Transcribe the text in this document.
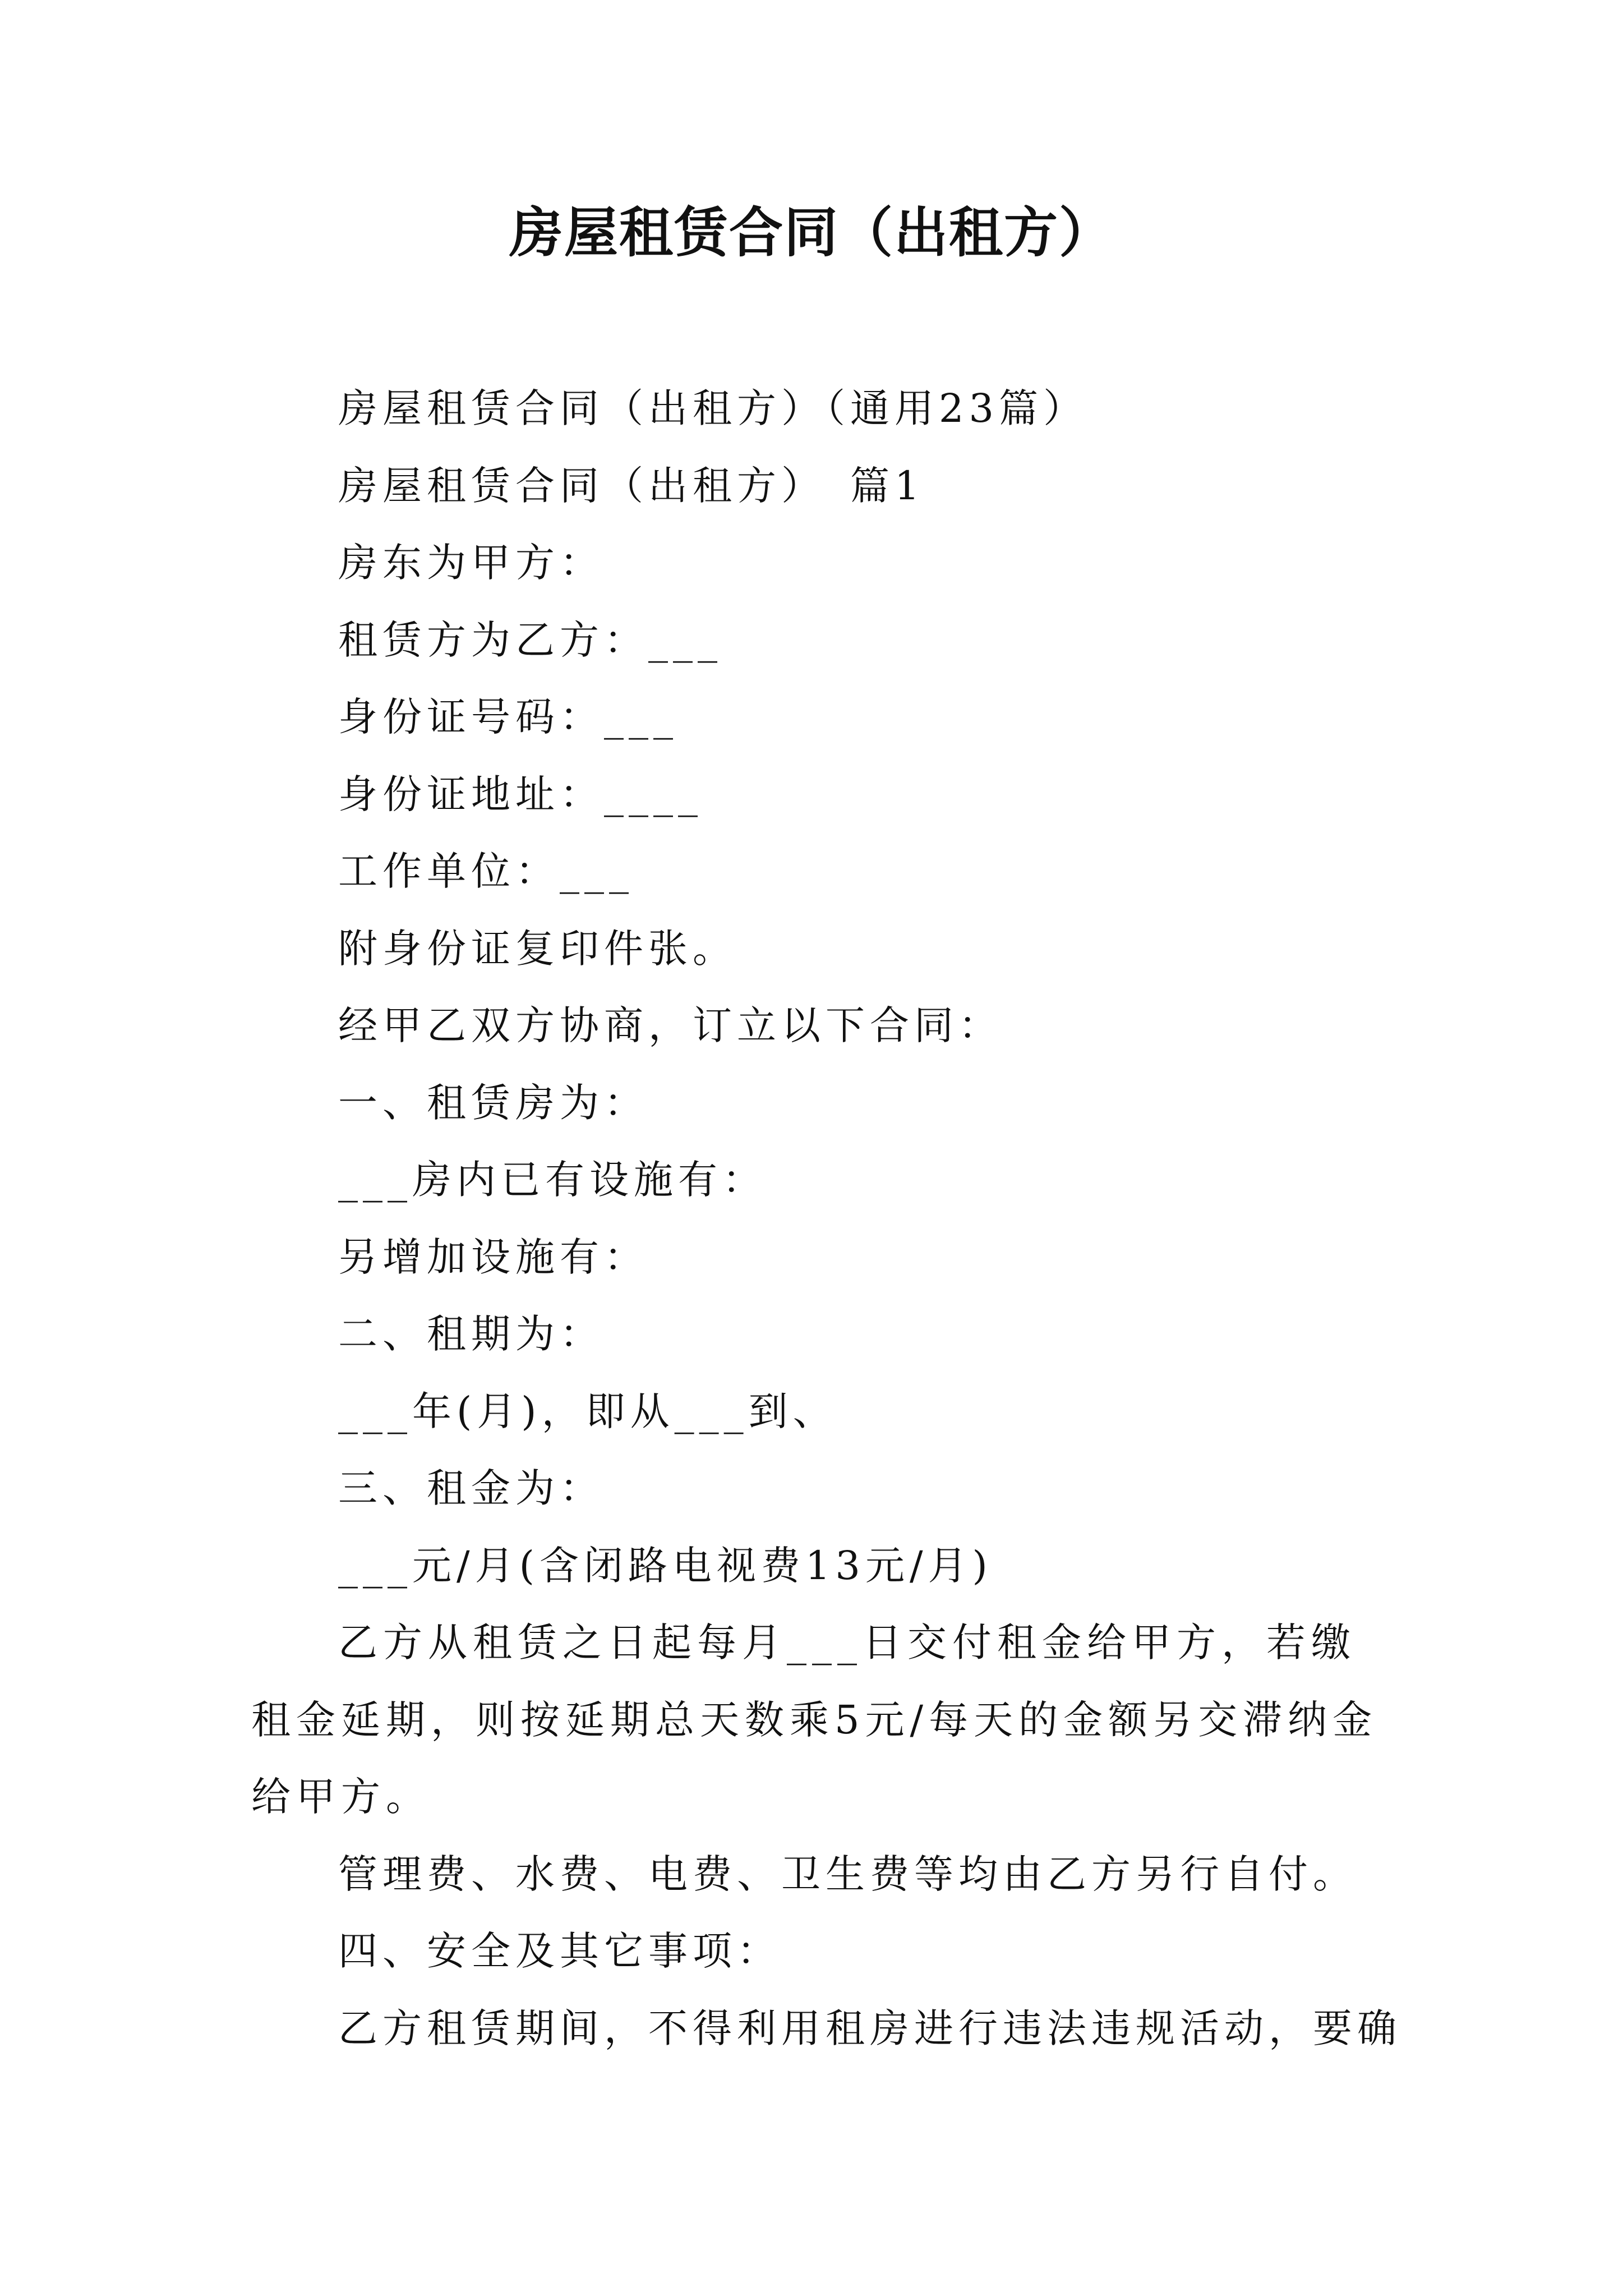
房屋租赁合同（出租方）
房屋租赁合同（出租方）（通用23篇）
房屋租赁合同（出租方）　篇1
房东为甲方：
租赁方为乙方：___
身份证号码：___
身份证地址：____
工作单位：___
附身份证复印件张。
经甲乙双方协商，订立以下合同：
一、租赁房为：
___房内已有设施有：
另增加设施有：
二、租期为：
___年(月)，即从___到、
三、租金为：
___元/月(含闭路电视费13元/月)
乙方从租赁之日起每月___日交付租金给甲方，若缴租金延期，则按延期总天数乘5元/每天的金额另交滞纳金给甲方。
管理费、水费、电费、卫生费等均由乙方另行自付。
四、安全及其它事项：
乙方租赁期间，不得利用租房进行违法违规活动，要确
